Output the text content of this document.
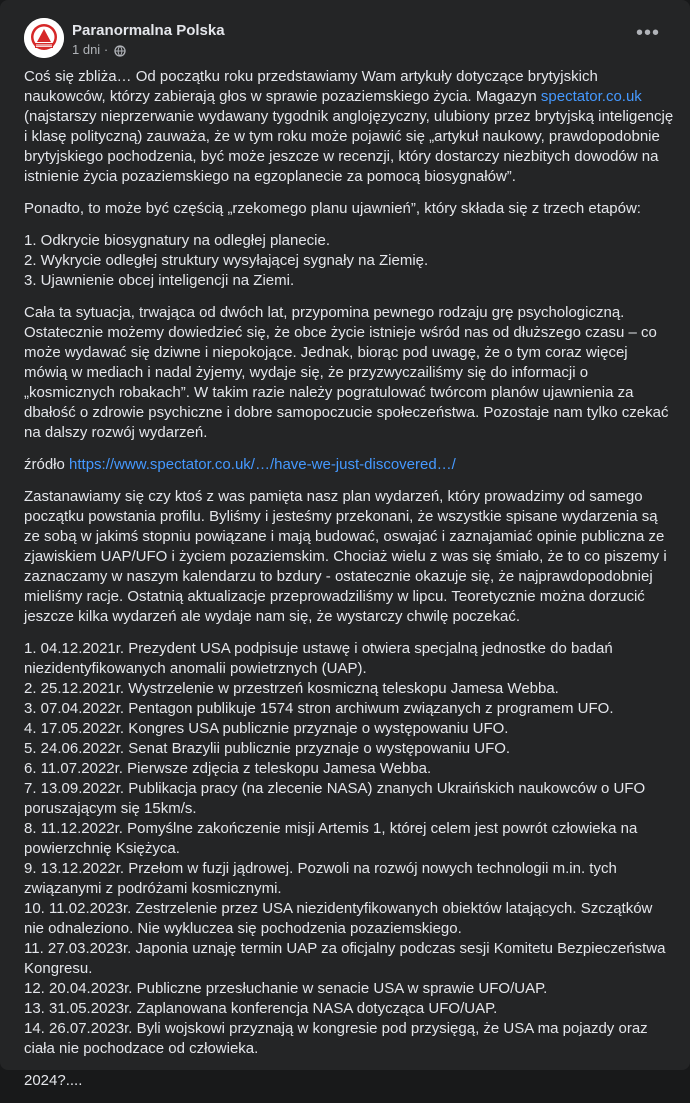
Paranormalna Polska
1 dni ·
•••

Coś się zbliża… Od początku roku przedstawiamy Wam artykuły dotyczące brytyjskich naukowców, którzy zabierają głos w sprawie pozaziemskiego życia. Magazyn spectator.co.uk (najstarszy nieprzerwanie wydawany tygodnik anglojęzyczny, ulubiony przez brytyjską inteligencję i klasę polityczną) zauważa, że w tym roku może pojawić się „artykuł naukowy, prawdopodobnie brytyjskiego pochodzenia, być może jeszcze w recenzji, który dostarczy niezbitych dowodów na istnienie życia pozaziemskiego na egzoplanecie za pomocą biosygnałów”.

Ponadto, to może być częścią „rzekomego planu ujawnień”, który składa się z trzech etapów:

1. Odkrycie biosygnatury na odległej planecie.
2. Wykrycie odległej struktury wysyłającej sygnały na Ziemię.
3. Ujawnienie obcej inteligencji na Ziemi.

Cała ta sytuacja, trwająca od dwóch lat, przypomina pewnego rodzaju grę psychologiczną. Ostatecznie możemy dowiedzieć się, że obce życie istnieje wśród nas od dłuższego czasu – co może wydawać się dziwne i niepokojące. Jednak, biorąc pod uwagę, że o tym coraz więcej mówią w mediach i nadal żyjemy, wydaje się, że przyzwyczailiśmy się do informacji o „kosmicznych robakach”. W takim razie należy pogratulować twórcom planów ujawnienia za dbałość o zdrowie psychiczne i dobre samopoczucie społeczeństwa. Pozostaje nam tylko czekać na dalszy rozwój wydarzeń.

źródło https://www.spectator.co.uk/…/have-we-just-discovered…/

Zastanawiamy się czy ktoś z was pamięta nasz plan wydarzeń, który prowadzimy od samego początku powstania profilu. Byliśmy i jesteśmy przekonani, że wszystkie spisane wydarzenia są ze sobą w jakimś stopniu powiązane i mają budować, oswajać i zaznajamiać opinie publiczna ze zjawiskiem UAP/UFO i życiem pozaziemskim. Chociaż wielu z was się śmiało, że to co piszemy i zaznaczamy w naszym kalendarzu to bzdury - ostatecznie okazuje się, że najprawdopodobniej mieliśmy racje. Ostatnią aktualizacje przeprowadziliśmy w lipcu. Teoretycznie można dorzucić jeszcze kilka wydarzeń ale wydaje nam się, że wystarczy chwilę poczekać.

1. 04.12.2021r. Prezydent USA podpisuje ustawę i otwiera specjalną jednostke do badań niezidentyfikowanych anomalii powietrznych (UAP).
2. 25.12.2021r. Wystrzelenie w przestrzeń kosmiczną teleskopu Jamesa Webba.
3. 07.04.2022r. Pentagon publikuje 1574 stron archiwum związanych z programem UFO.
4. 17.05.2022r. Kongres USA publicznie przyznaje o występowaniu UFO.
5. 24.06.2022r. Senat Brazylii publicznie przyznaje o występowaniu UFO.
6. 11.07.2022r. Pierwsze zdjęcia z teleskopu Jamesa Webba.
7. 13.09.2022r. Publikacja pracy (na zlecenie NASA) znanych Ukraińskich naukowców o UFO poruszającym się 15km/s.
8. 11.12.2022r. Pomyślne zakończenie misji Artemis 1, której celem jest powrót człowieka na powierzchnię Księżyca.
9. 13.12.2022r. Przełom w fuzji jądrowej. Pozwoli na rozwój nowych technologii m.in. tych związanymi z podróżami kosmicznymi.
10. 11.02.2023r. Zestrzelenie przez USA niezidentyfikowanych obiektów latających. Szczątków nie odnaleziono. Nie wykluczea się pochodzenia pozaziemskiego.
11. 27.03.2023r. Japonia uznaję termin UAP za oficjalny podczas sesji Komitetu Bezpieczeństwa Kongresu.
12. 20.04.2023r. Publiczne przesłuchanie w senacie USA w sprawie UFO/UAP.
13. 31.05.2023r. Zaplanowana konferencja NASA dotycząca UFO/UAP.
14. 26.07.2023r. Byli wojskowi przyznają w kongresie pod przysięgą, że USA ma pojazdy oraz ciała nie pochodzace od człowieka.

2024?....
